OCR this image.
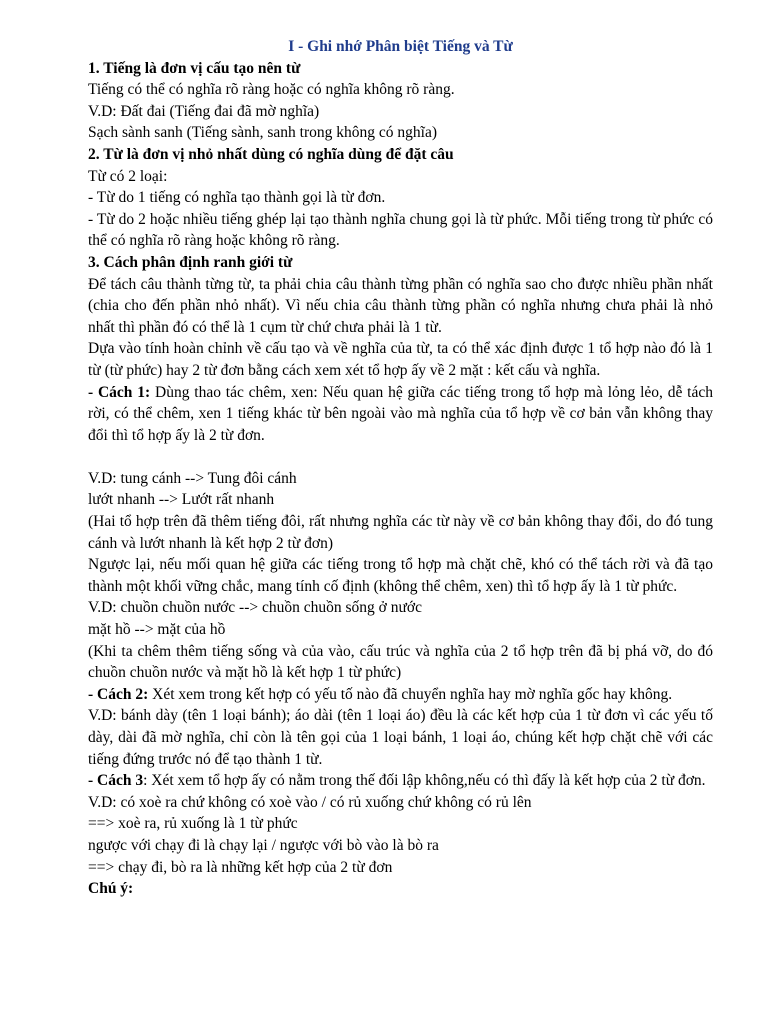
I - Ghi nhớ Phân biệt Tiếng và Từ

1. Tiếng là đơn vị cấu tạo nên từ

Tiếng có thể có nghĩa rõ ràng hoặc có nghĩa không rõ ràng.

V.D: Đất đai (Tiếng đai đã mờ nghĩa)

Sạch sành sanh (Tiếng sành, sanh trong không có nghĩa)

2. Từ là đơn vị nhỏ nhất dùng có nghĩa dùng để đặt câu

Từ có 2 loại:

- Từ do 1 tiếng có nghĩa tạo thành gọi là từ đơn.

- Từ do 2 hoặc nhiều tiếng ghép lại tạo thành nghĩa chung gọi là từ phức. Mỗi tiếng trong từ phức có thể có nghĩa rõ ràng hoặc không rõ ràng.

3. Cách phân định ranh giới từ

Để tách câu thành từng từ, ta phải chia câu thành từng phần có nghĩa sao cho được nhiều phần nhất (chia cho đến phần nhỏ nhất). Vì nếu chia câu thành từng phần có nghĩa nhưng chưa phải là nhỏ nhất thì phần đó có thể là 1 cụm từ chứ chưa phải là 1 từ.

Dựa vào tính hoàn chỉnh về cấu tạo và về nghĩa của từ, ta có thể xác định được 1 tổ hợp nào đó là 1 từ (từ phức) hay 2 từ đơn bằng cách xem xét tổ hợp ấy về 2 mặt : kết cấu và nghĩa.

- Cách 1: Dùng thao tác chêm, xen: Nếu quan hệ giữa các tiếng trong tổ hợp mà lỏng lẻo, dễ tách rời, có thể chêm, xen 1 tiếng khác từ bên ngoài vào mà nghĩa của tổ hợp về cơ bản vẫn không thay đổi thì tổ hợp ấy là 2 từ đơn.

V.D: tung cánh --> Tung đôi cánh

lướt nhanh --> Lướt rất nhanh

(Hai tổ hợp trên đã thêm tiếng đôi, rất nhưng nghĩa các từ này về cơ bản không thay đổi, do đó tung cánh và lướt nhanh là kết hợp 2 từ đơn)

Ngược lại, nếu mối quan hệ giữa các tiếng trong tổ hợp mà chặt chẽ, khó có thể tách rời và đã tạo thành một khối vững chắc, mang tính cố định (không thể chêm, xen) thì tổ hợp ấy là 1 từ phức.

V.D: chuồn chuồn nước --> chuồn chuồn sống ở nước

mặt hồ --> mặt của hồ

(Khi ta chêm thêm tiếng sống và của vào, cấu trúc và nghĩa của 2 tổ hợp trên đã bị phá vỡ, do đó chuồn chuồn nước và mặt hồ là kết hợp 1 từ phức)

- Cách 2: Xét xem trong kết hợp có yếu tố nào đã chuyển nghĩa hay mờ nghĩa gốc hay không.

V.D: bánh dày (tên 1 loại bánh); áo dài (tên 1 loại áo) đều là các kết hợp của 1 từ đơn vì các yếu tố dày, dài đã mờ nghĩa, chỉ còn là tên gọi của 1 loại bánh, 1 loại áo, chúng kết hợp chặt chẽ với các tiếng đứng trước nó để tạo thành 1 từ.

- Cách 3: Xét xem tổ hợp ấy có nằm trong thế đối lập không,nếu có thì đấy là kết hợp của 2 từ đơn.

V.D: có xoè ra chứ không có xoè vào / có rủ xuống chứ không có rủ lên

==> xoè ra, rủ xuống là 1 từ phức

ngược với chạy đi là chạy lại / ngược với bò vào là bò ra

==> chạy đi, bò ra là những kết hợp của 2 từ đơn

Chú ý:
